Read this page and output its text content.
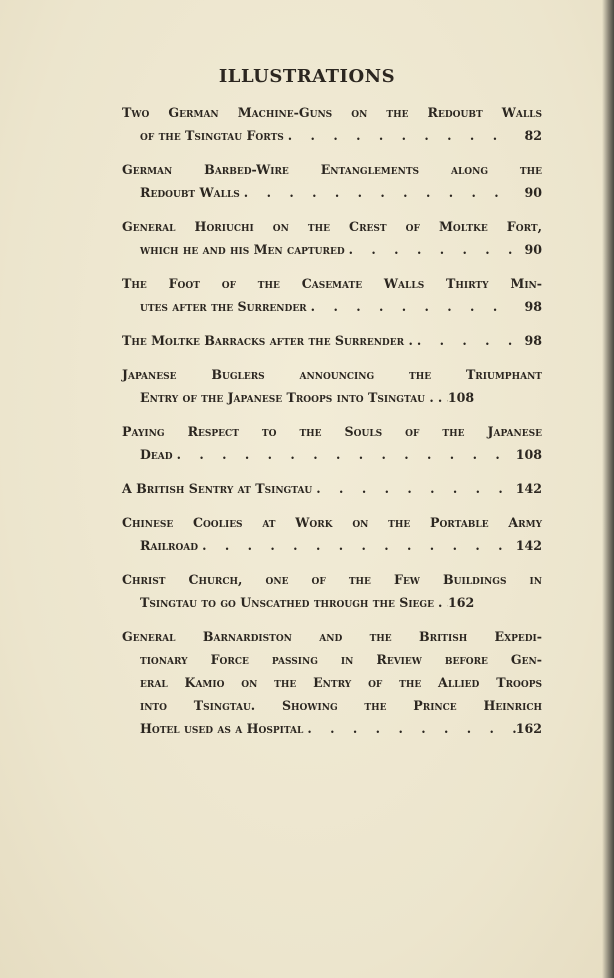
ILLUSTRATIONS
Two German Machine-Guns on the Redoubt Walls
of the Tsingtau Forts . . .	82
German Barbed-Wire Entanglements along the
Redoubt Walls . . .	90
General Horiuchi on the Crest of Moltke Fort,
which he and his Men captured . . .	90
The Foot of the Casemate Walls Thirty Min-
utes after the Surrender . . .	98
The Moltke Barracks after the Surrender . . . .	98
Japanese Buglers announcing the Triumphant
Entry of the Japanese Troops into Tsingtau . . . . 108
Paying Respect to the Souls of the Japanese
Dead . . .	108
A British Sentry at Tsingtau . . .	142
Chinese Coolies at Work on the Portable Army
Railroad . . .	142
Christ Church, one of the Few Buildings in
Tsingtau to go Unscathed through the Siege . . . 162
General Barnardiston and the British Expedi-
tionary Force passing in Review before Gen-
eral Kamio on the Entry of the Allied Troops
into Tsingtau. Showing the Prince Heinrich
Hotel used as a Hospital . . .	162
